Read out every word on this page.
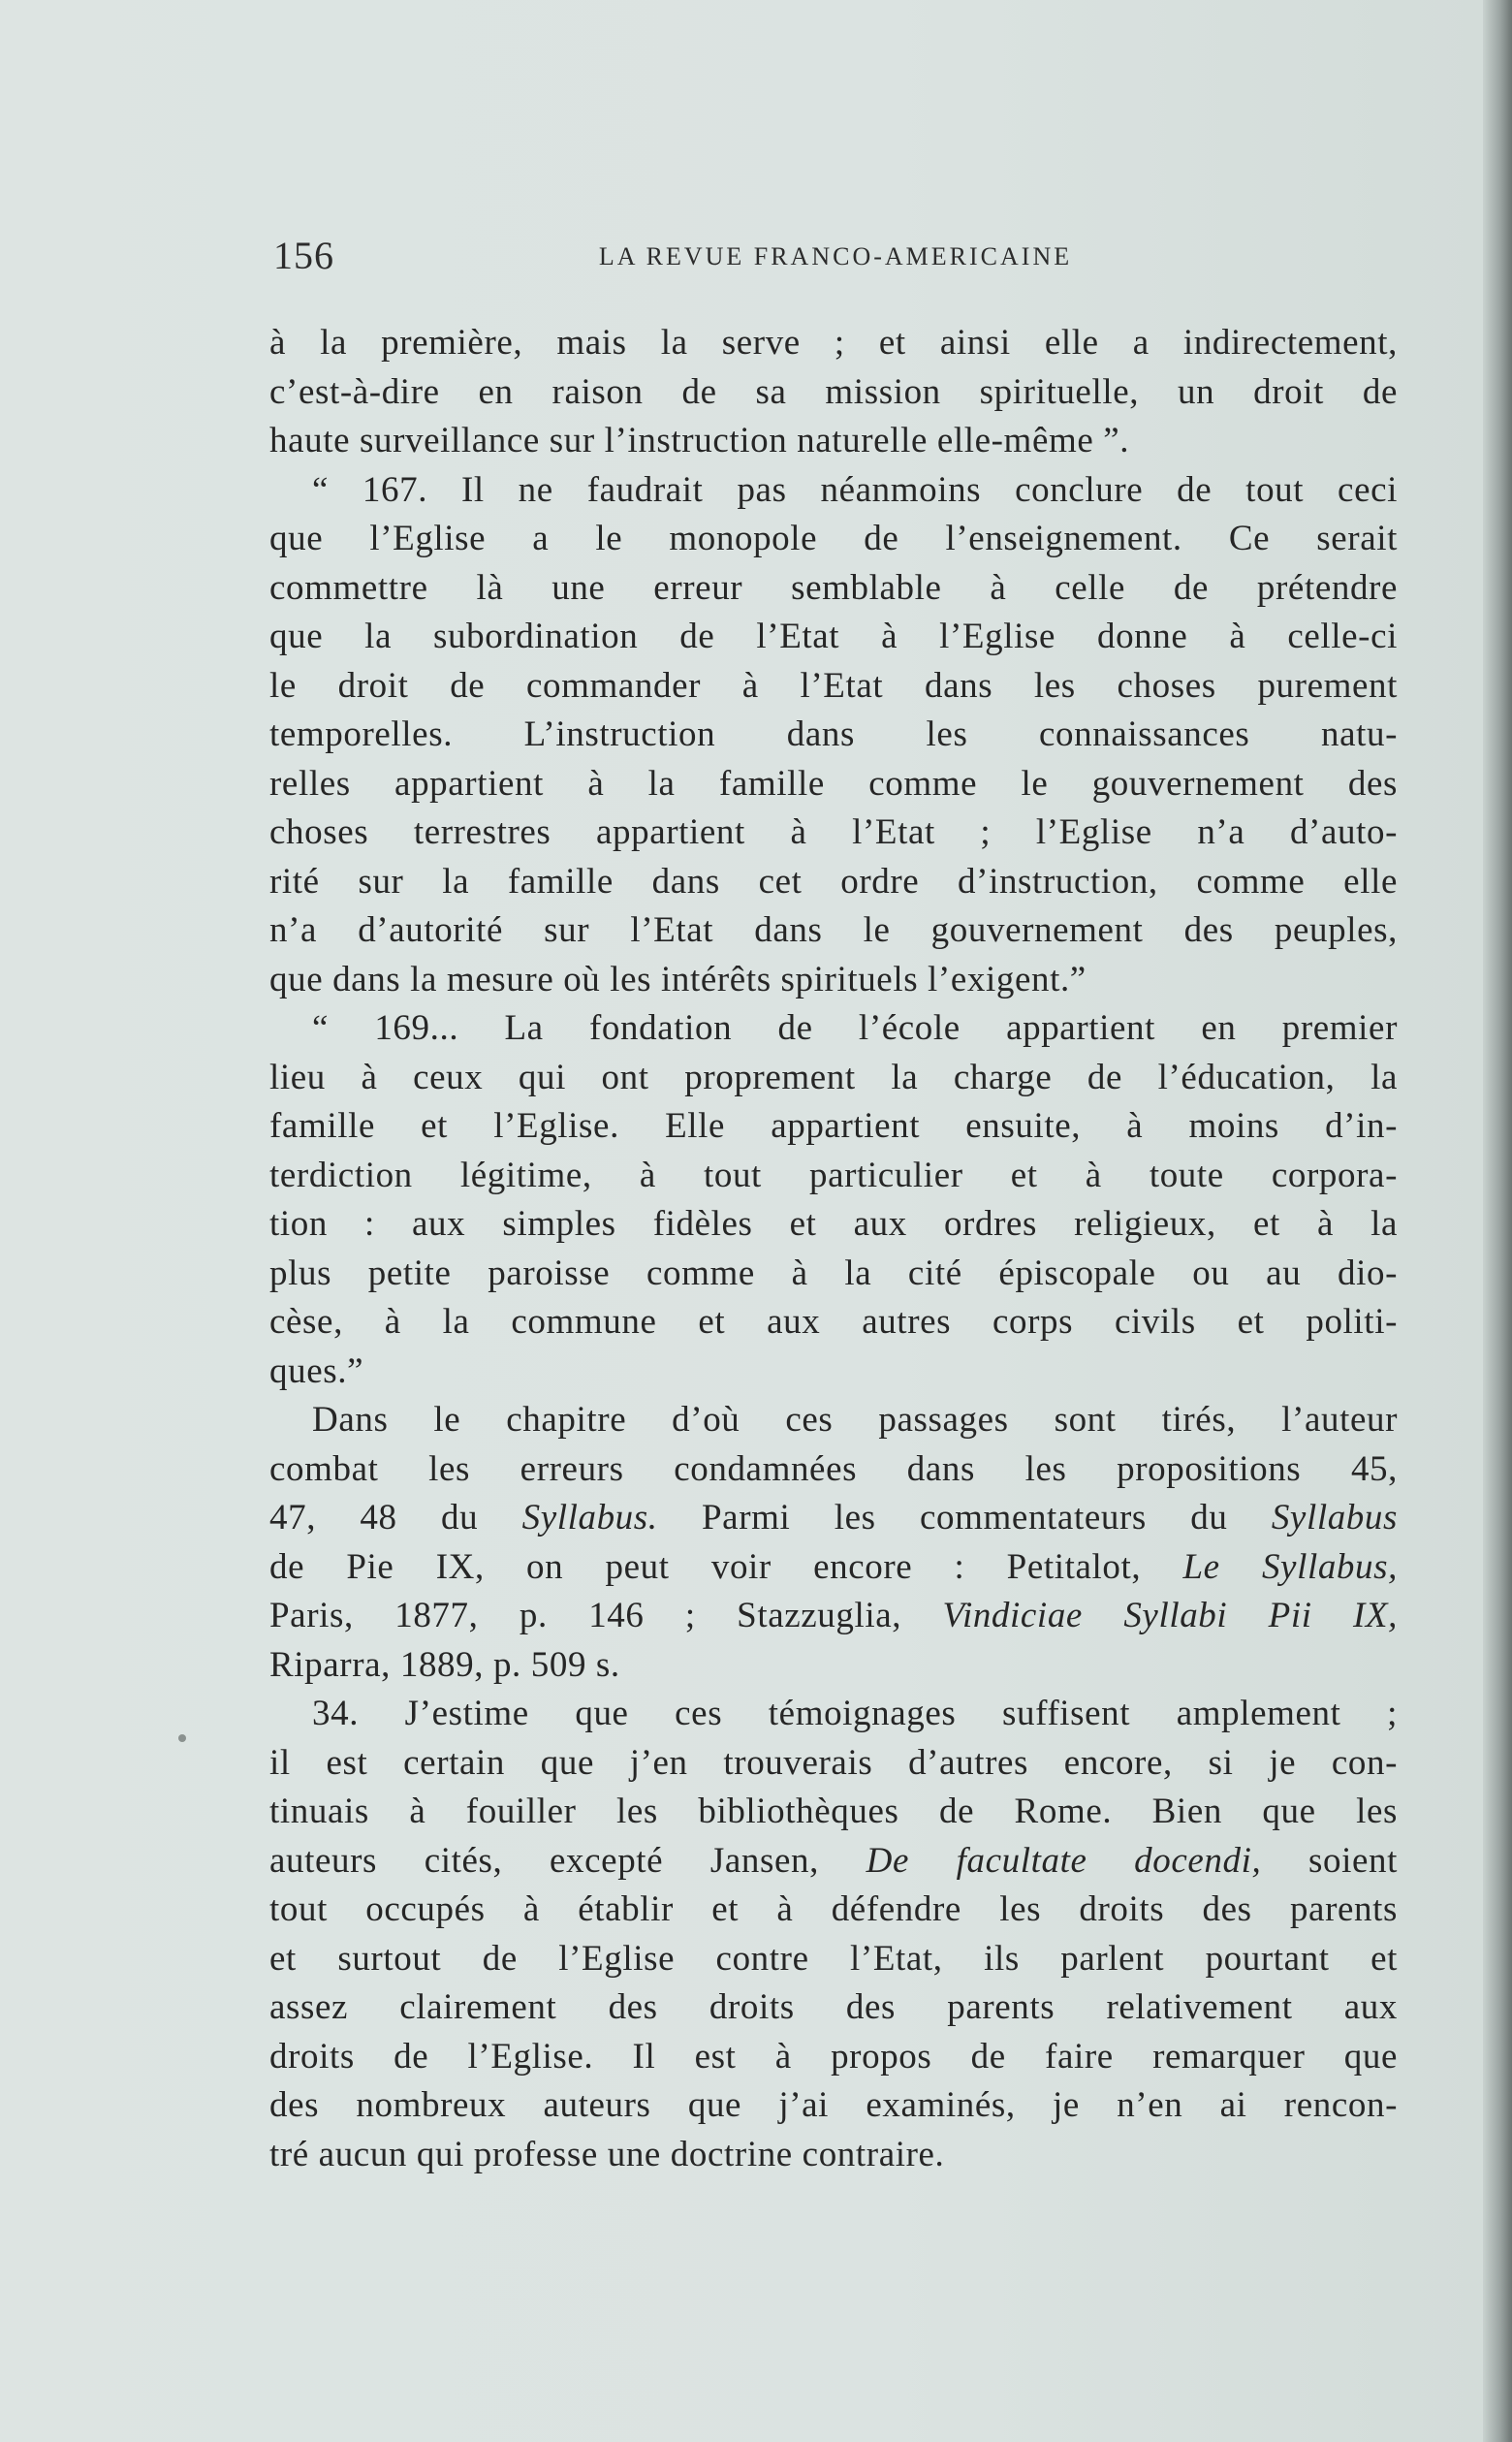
156	LA REVUE FRANCO-AMERICAINE
à la première, mais la serve ; et ainsi elle a indirectement,
c’est-à-dire en raison de sa mission spirituelle, un droit de
haute surveillance sur l’instruction naturelle elle-même ”.
“ 167. Il ne faudrait pas néanmoins conclure de tout ceci
que l’Eglise a le monopole de l’enseignement. Ce serait
commettre là une erreur semblable à celle de prétendre
que la subordination de l’Etat à l’Eglise donne à celle-ci
le droit de commander à l’Etat dans les choses purement
temporelles. L’instruction dans les connaissances natu-
relles appartient à la famille comme le gouvernement des
choses terrestres appartient à l’Etat ; l’Eglise n’a d’auto-
rité sur la famille dans cet ordre d’instruction, comme elle
n’a d’autorité sur l’Etat dans le gouvernement des peuples,
que dans la mesure où les intérêts spirituels l’exigent.”
“ 169... La fondation de l’école appartient en premier
lieu à ceux qui ont proprement la charge de l’éducation, la
famille et l’Eglise. Elle appartient ensuite, à moins d’in-
terdiction légitime, à tout particulier et à toute corpora-
tion : aux simples fidèles et aux ordres religieux, et à la
plus petite paroisse comme à la cité épiscopale ou au dio-
cèse, à la commune et aux autres corps civils et politi-
ques.”
Dans le chapitre d’où ces passages sont tirés, l’auteur
combat les erreurs condamnées dans les propositions 45,
47, 48 du Syllabus. Parmi les commentateurs du Syllabus
de Pie IX, on peut voir encore : Petitalot, Le Syllabus,
Paris, 1877, p. 146 ; Stazzuglia, Vindiciae Syllabi Pii IX,
Riparra, 1889, p. 509 s.
34. J’estime que ces témoignages suffisent amplement ;
il est certain que j’en trouverais d’autres encore, si je con-
tinuais à fouiller les bibliothèques de Rome. Bien que les
auteurs cités, excepté Jansen, De facultate docendi, soient
tout occupés à établir et à défendre les droits des parents
et surtout de l’Eglise contre l’Etat, ils parlent pourtant et
assez clairement des droits des parents relativement aux
droits de l’Eglise. Il est à propos de faire remarquer que
des nombreux auteurs que j’ai examinés, je n’en ai rencon-
tré aucun qui professe une doctrine contraire.
